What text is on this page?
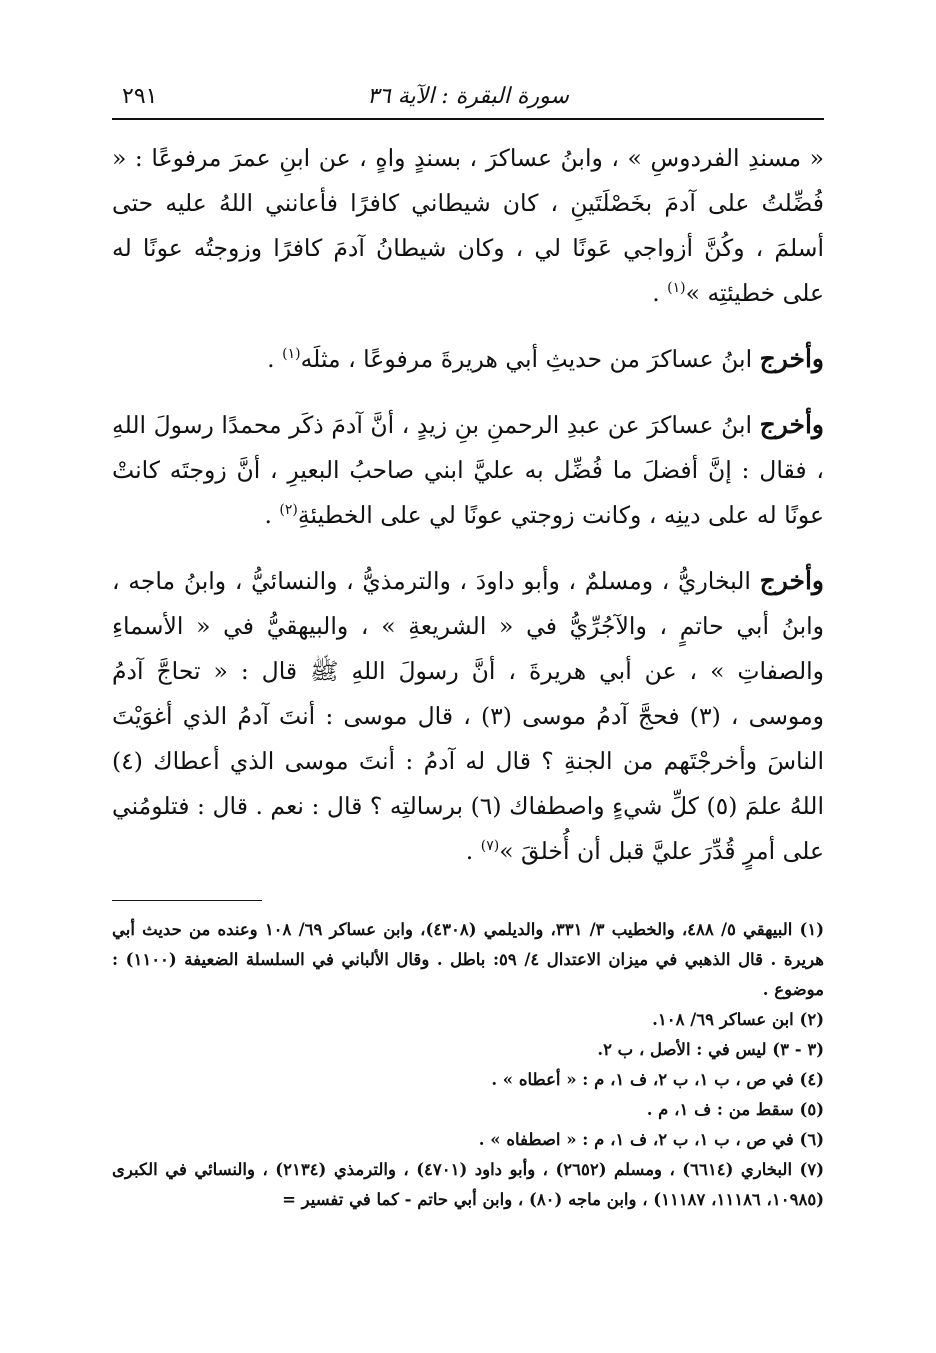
سورة البقرة : الآية ٣٦
٢٩١

« مسندِ الفردوسِ » ، وابنُ عساكرَ ، بسندٍ واهٍ ، عن ابنِ عمرَ مرفوعًا : « فُضِّلتُ على آدمَ بخَصْلَتَينِ ، كان شيطاني كافرًا فأعانني اللهُ عليه حتى أسلمَ ، وكُنَّ أزواجي عَونًا لي ، وكان شيطانُ آدمَ كافرًا وزوجتُه عونًا له على خطيئتِه »$^{(١)}$ .

وأخرج ابنُ عساكرَ من حديثِ أبي هريرةَ مرفوعًا ، مثلَه$^{(١)}$ .

وأخرج ابنُ عساكرَ عن عبدِ الرحمنِ بنِ زيدٍ ، أنَّ آدمَ ذكَر محمدًا رسولَ اللهِ ، فقال : إنَّ أفضلَ ما فُضِّل به عليَّ ابني صاحبُ البعيرِ ، أنَّ زوجتَه كانتْ عونًا له على دينِه ، وكانت زوجتي عونًا لي على الخطيئةِ$^{(٢)}$ .

وأخرج البخاريُّ ، ومسلمٌ ، وأبو داودَ ، والترمذيُّ ، والنسائيُّ ، وابنُ ماجه ، وابنُ أبي حاتمٍ ، والآجُرِّيُّ في « الشريعةِ » ، والبيهقيُّ في « الأسماءِ والصفاتِ » ، عن أبي هريرةَ ، أنَّ رسولَ اللهِ ﷺ قال : « تحاجَّ آدمُ وموسى ، (٣) فحجَّ آدمُ موسى (٣) ، قال موسى : أنتَ آدمُ الذي أغوَيْتَ الناسَ وأخرجْتَهم من الجنةِ ؟ قال له آدمُ : أنتَ موسى الذي أعطاك (٤) اللهُ علمَ (٥) كلِّ شيءٍ واصطفاك (٦) برسالتِه ؟ قال : نعم . قال : فتلومُني على أمرٍ قُدِّرَ عليَّ قبل أن أُخلقَ »$^{(٧)}$ .

(١) البيهقي ٥/ ٤٨٨، والخطيب ٣/ ٣٣١، والديلمي (٤٣٠٨)، وابن عساكر ٦٩/ ١٠٨ وعنده من حديث أبي هريرة . قال الذهبي في ميزان الاعتدال ٤/ ٥٩: باطل . وقال الألباني في السلسلة الضعيفة (١١٠٠) : موضوع .

(٢) ابن عساكر ٦٩/ ١٠٨.

(٣ - ٣) ليس في : الأصل ، ب ٢.

(٤) في ص ، ب ١، ب ٢، ف ١، م : « أعطاه » .

(٥) سقط من : ف ١، م .

(٦) في ص ، ب ١، ب ٢، ف ١، م : « اصطفاه » .

(٧) البخاري (٦٦١٤) ، ومسلم (٢٦٥٢) ، وأبو داود (٤٧٠١) ، والترمذي (٢١٣٤) ، والنسائي في الكبرى (١٠٩٨٥، ١١١٨٦، ١١١٨٧) ، وابن ماجه (٨٠) ، وابن أبي حاتم - كما في تفسير =
